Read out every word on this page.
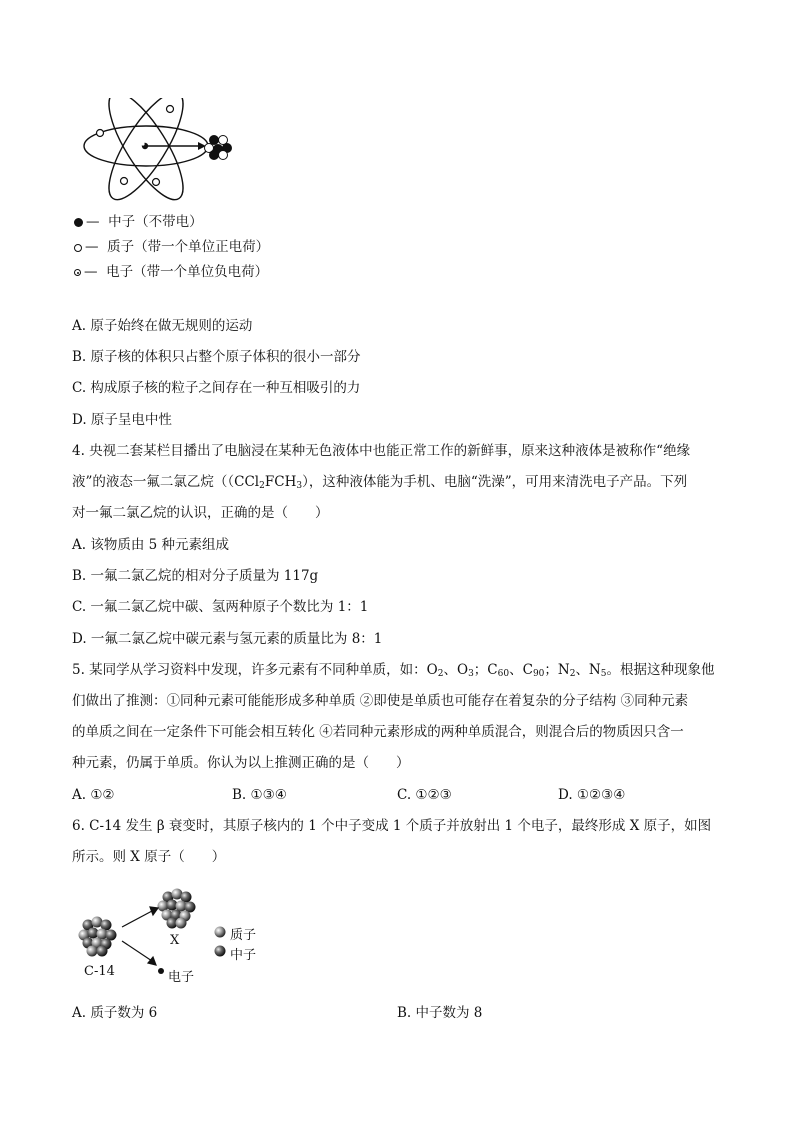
— 中子（不带电）
— 质子（带一个单位正电荷）
— 电子（带一个单位负电荷）
A. 原子始终在做无规则的运动
B. 原子核的体积只占整个原子体积的很小一部分
C. 构成原子核的粒子之间存在一种互相吸引的力
D. 原子呈电中性
4. 央视二套某栏目播出了电脑浸在某种无色液体中也能正常工作的新鲜事，原来这种液体是被称作“绝缘
液”的液态一氟二氯乙烷（$(CCl_2FCH_3)$，这种液体能为手机、电脑“洗澡”，可用来清洗电子产品。下列
对一氟二氯乙烷的认识，正确的是（　　）
A. 该物质由 5 种元素组成
B. 一氟二氯乙烷的相对分子质量为 117g
C. 一氟二氯乙烷中碳、氢两种原子个数比为 1：1
D. 一氟二氯乙烷中碳元素与氢元素的质量比为 8：1
5. 某同学从学习资料中发现，许多元素有不同种单质，如：$O_2$、$O_3$；$C_{60}$、$C_{90}$；$N_2$、$N_5$。根据这种现象他
们做出了推测：①同种元素可能能形成多种单质 ②即使是单质也可能存在着复杂的分子结构 ③同种元素
的单质之间在一定条件下可能会相互转化 ④若同种元素形成的两种单质混合，则混合后的物质因只含一
种元素，仍属于单质。你认为以上推测正确的是（　　）
A. ①②	B. ①③④	C. ①②③	D. ①②③④
6. C-14 发生 β 衰变时，其原子核内的 1 个中子变成 1 个质子并放射出 1 个电子，最终形成 X 原子，如图
所示。则 X 原子（　　）
C-14
X
电子
质子
中子
A. 质子数为 6	B. 中子数为 8
